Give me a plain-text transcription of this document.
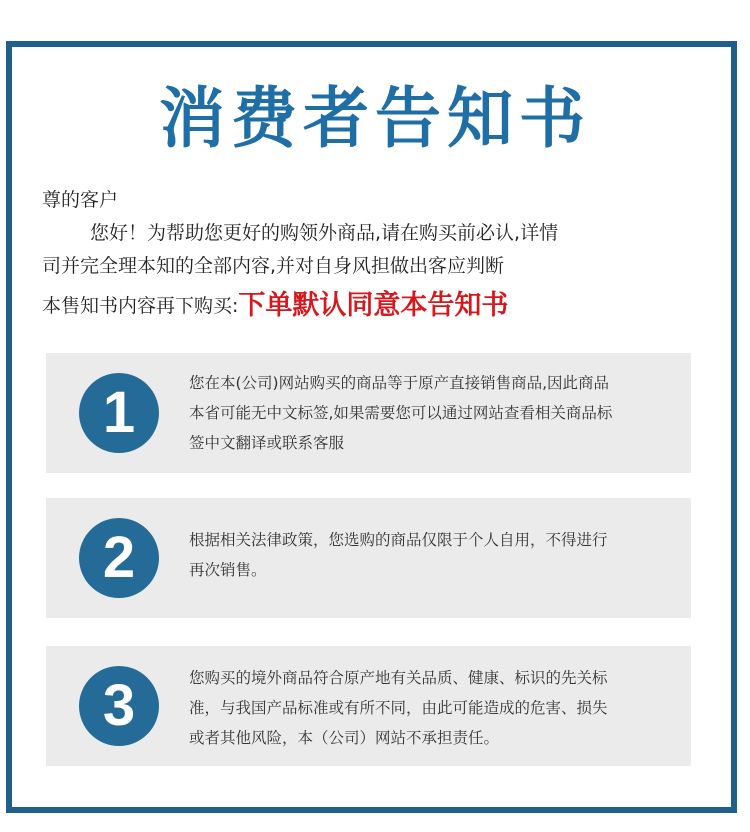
消费者告知书
尊的客户
您好！为帮助您更好的购领外商品,请在购买前必认,详情
司并完全理本知的全部内容,并对自身风担做出客应判断
本售知书内容再下购买:下单默认同意本告知书
1	您在本(公司)网站购买的商品等于原产直接销售商品,因此商品
本省可能无中文标签,如果需要您可以通过网站查看相关商品标
签中文翻译或联系客服
2	根据相关法律政策，您选购的商品仅限于个人自用，不得进行
再次销售。
3	您购买的境外商品符合原产地有关品质、健康、标识的先关标
准，与我国产品标准或有所不同，由此可能造成的危害、损失
或者其他风险，本（公司）网站不承担责任。
